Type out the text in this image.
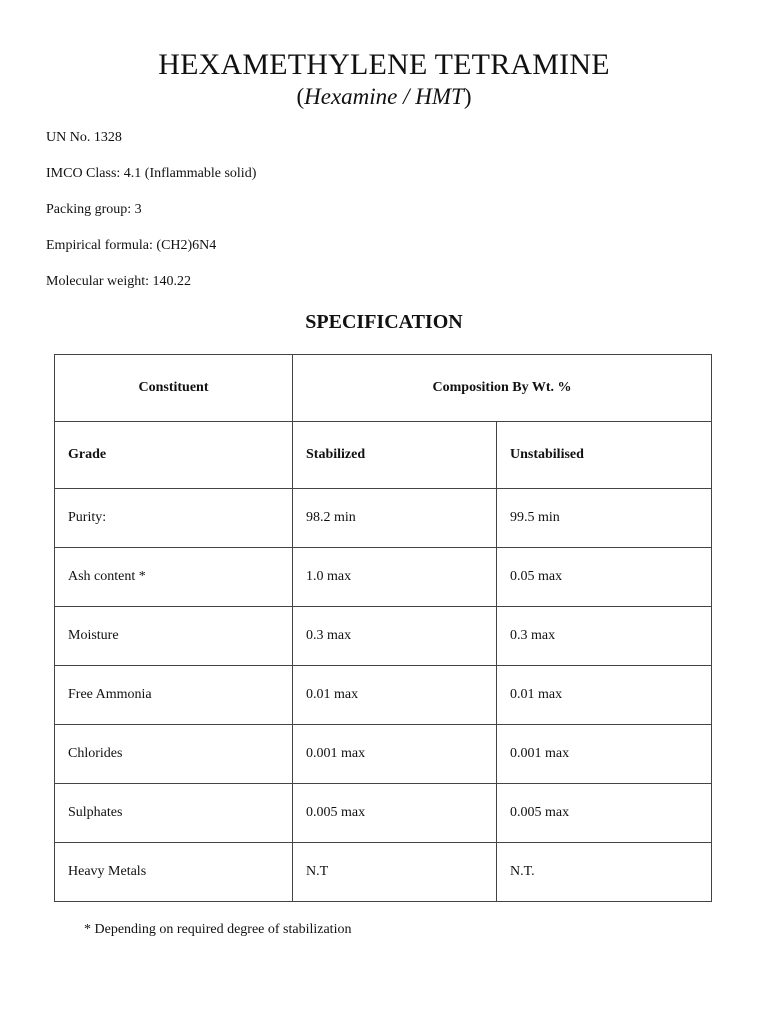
HEXAMETHYLENE TETRAMINE

(Hexamine / HMT)

UN No. 1328
IMCO Class: 4.1 (Inflammable solid)
Packing group: 3
Empirical formula: (CH2)6N4
Molecular weight: 140.22
SPECIFICATION
Constituent	Composition By Wt. %	
Grade	Stabilized	Unstabilised
Purity:	98.2 min	99.5 min
Ash content *	1.0 max	0.05 max
Moisture	0.3 max	0.3 max
Free Ammonia	0.01 max	0.01 max
Chlorides	0.001 max	0.001 max
Sulphates	0.005 max	0.005 max
Heavy Metals	N.T	N.T.

* Depending on required degree of stabilization
